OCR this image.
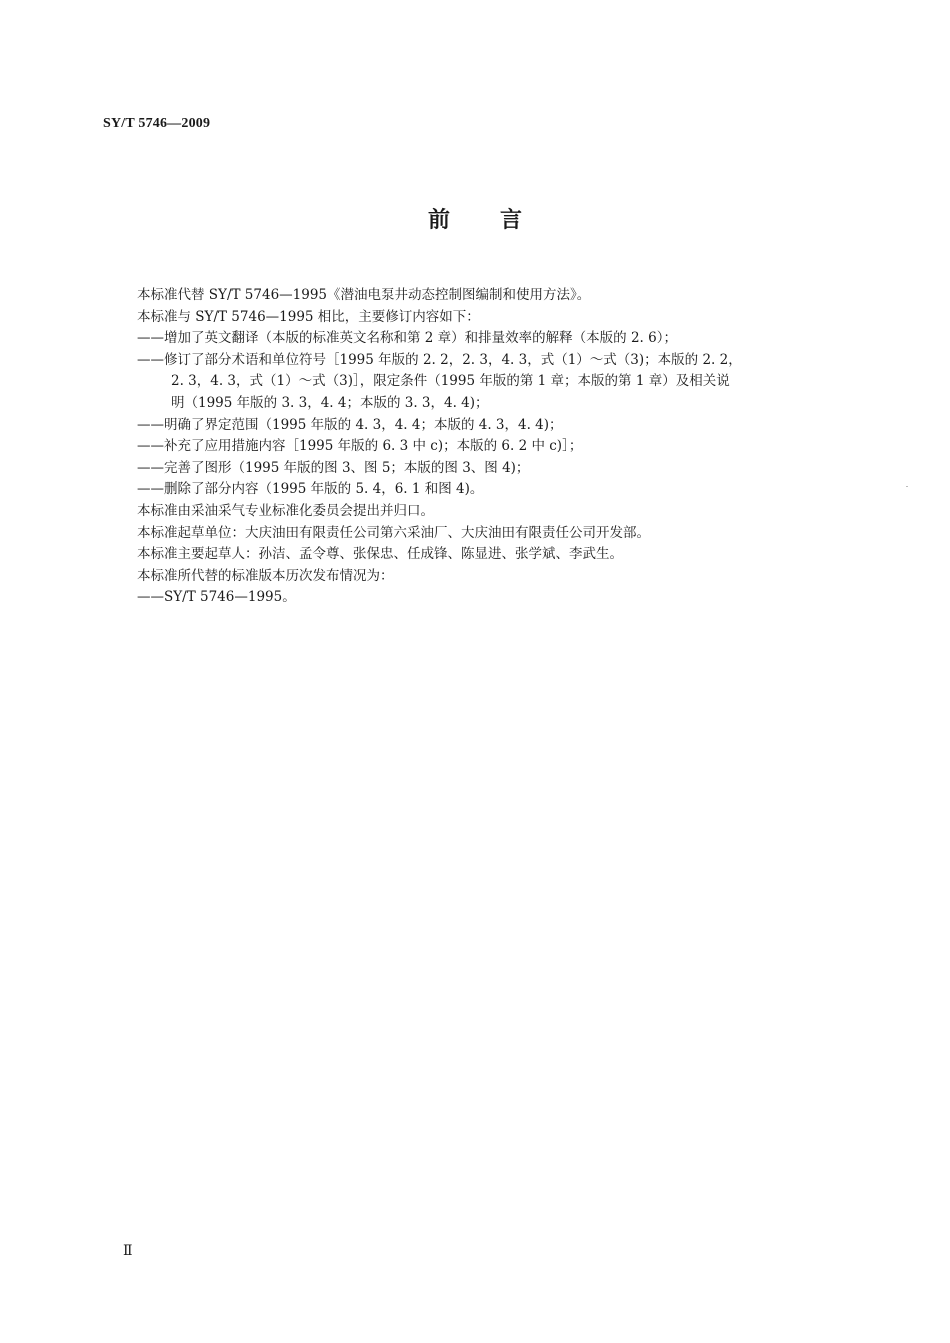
SY/T 5746—2009
前言

本标准代替 SY/T 5746—1995《潜油电泵井动态控制图编制和使用方法》。

本标准与 SY/T 5746—1995 相比，主要修订内容如下：

——增加了英文翻译（本版的标准英文名称和第 2 章）和排量效率的解释（本版的 2. 6）；

——修订了部分术语和单位符号［1995 年版的 2. 2，2. 3，4. 3，式（1）～式（3)；本版的 2. 2，
2. 3，4. 3，式（1）～式（3)］，限定条件（1995 年版的第 1 章；本版的第 1 章）及相关说
明（1995 年版的 3. 3，4. 4；本版的 3. 3，4. 4)；

——明确了界定范围（1995 年版的 4. 3，4. 4；本版的 4. 3，4. 4)；

——补充了应用措施内容［1995 年版的 6. 3 中 c)；本版的 6. 2 中 c)］；

——完善了图形（1995 年版的图 3、图 5；本版的图 3、图 4)；

——删除了部分内容（1995 年版的 5. 4，6. 1 和图 4)。

本标准由采油采气专业标准化委员会提出并归口。

本标准起草单位：大庆油田有限责任公司第六采油厂、大庆油田有限责任公司开发部。

本标准主要起草人：孙洁、孟令尊、张保忠、任成锋、陈显进、张学斌、李武生。

本标准所代替的标准版本历次发布情况为：

——SY/T 5746—1995。

Ⅱ
